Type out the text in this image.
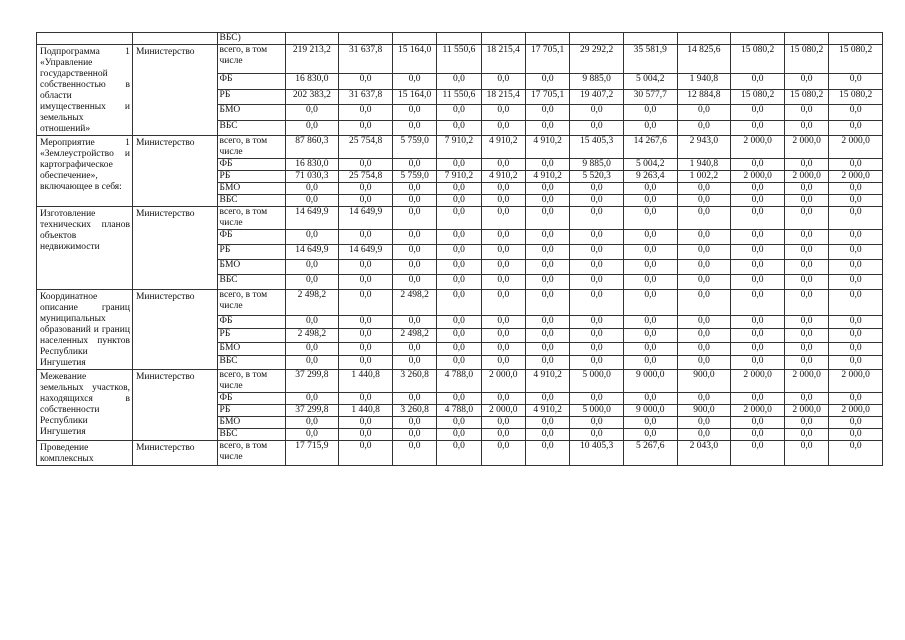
		ВБС)												
Подпрограмма 1 «Управление государственной собственностью в области имущественных и земельных отношений»	Министерство	всего, в том числе	219 213,2	31 637,8	15 164,0	11 550,6	18 215,4	17 705,1	29 292,2	35 581,9	14 825,6	15 080,2	15 080,2	15 080,2
		ФБ	16 830,0	0,0	0,0	0,0	0,0	0,0	9 885,0	5 004,2	1 940,8	0,0	0,0	0,0
		РБ	202 383,2	31 637,8	15 164,0	11 550,6	18 215,4	17 705,1	19 407,2	30 577,7	12 884,8	15 080,2	15 080,2	15 080,2
		БМО	0,0	0,0	0,0	0,0	0,0	0,0	0,0	0,0	0,0	0,0	0,0	0,0
		ВБС	0,0	0,0	0,0	0,0	0,0	0,0	0,0	0,0	0,0	0,0	0,0	0,0
Мероприятие 1 «Землеустройство и картографическое обеспечение», включающее в себя:	Министерство	всего, в том числе	87 860,3	25 754,8	5 759,0	7 910,2	4 910,2	4 910,2	15 405,3	14 267,6	2 943,0	2 000,0	2 000,0	2 000,0
		ФБ	16 830,0	0,0	0,0	0,0	0,0	0,0	9 885,0	5 004,2	1 940,8	0,0	0,0	0,0
		РБ	71 030,3	25 754,8	5 759,0	7 910,2	4 910,2	4 910,2	5 520,3	9 263,4	1 002,2	2 000,0	2 000,0	2 000,0
		БМО	0,0	0,0	0,0	0,0	0,0	0,0	0,0	0,0	0,0	0,0	0,0	0,0
		ВБС	0,0	0,0	0,0	0,0	0,0	0,0	0,0	0,0	0,0	0,0	0,0	0,0
Изготовление технических планов объектов недвижимости	Министерство	всего, в том числе	14 649,9	14 649,9	0,0	0,0	0,0	0,0	0,0	0,0	0,0	0,0	0,0	0,0
		ФБ	0,0	0,0	0,0	0,0	0,0	0,0	0,0	0,0	0,0	0,0	0,0	0,0
		РБ	14 649,9	14 649,9	0,0	0,0	0,0	0,0	0,0	0,0	0,0	0,0	0,0	0,0
		БМО	0,0	0,0	0,0	0,0	0,0	0,0	0,0	0,0	0,0	0,0	0,0	0,0
		ВБС	0,0	0,0	0,0	0,0	0,0	0,0	0,0	0,0	0,0	0,0	0,0	0,0
Координатное описание границ муниципальных образований и границ населенных пунктов Республики Ингушетия	Министерство	всего, в том числе	2 498,2	0,0	2 498,2	0,0	0,0	0,0	0,0	0,0	0,0	0,0	0,0	0,0
		ФБ	0,0	0,0	0,0	0,0	0,0	0,0	0,0	0,0	0,0	0,0	0,0	0,0
		РБ	2 498,2	0,0	2 498,2	0,0	0,0	0,0	0,0	0,0	0,0	0,0	0,0	0,0
		БМО	0,0	0,0	0,0	0,0	0,0	0,0	0,0	0,0	0,0	0,0	0,0	0,0
		ВБС	0,0	0,0	0,0	0,0	0,0	0,0	0,0	0,0	0,0	0,0	0,0	0,0
Межевание земельных участков, находящихся в собственности Республики Ингушетия	Министерство	всего, в том числе	37 299,8	1 440,8	3 260,8	4 788,0	2 000,0	4 910,2	5 000,0	9 000,0	900,0	2 000,0	2 000,0	2 000,0
		ФБ	0,0	0,0	0,0	0,0	0,0	0,0	0,0	0,0	0,0	0,0	0,0	0,0
		РБ	37 299,8	1 440,8	3 260,8	4 788,0	2 000,0	4 910,2	5 000,0	9 000,0	900,0	2 000,0	2 000,0	2 000,0
		БМО	0,0	0,0	0,0	0,0	0,0	0,0	0,0	0,0	0,0	0,0	0,0	0,0
		ВБС	0,0	0,0	0,0	0,0	0,0	0,0	0,0	0,0	0,0	0,0	0,0	0,0
Проведение комплексных	Министерство	всего, в том числе	17 715,9	0,0	0,0	0,0	0,0	0,0	10 405,3	5 267,6	2 043,0	0,0	0,0	0,0
